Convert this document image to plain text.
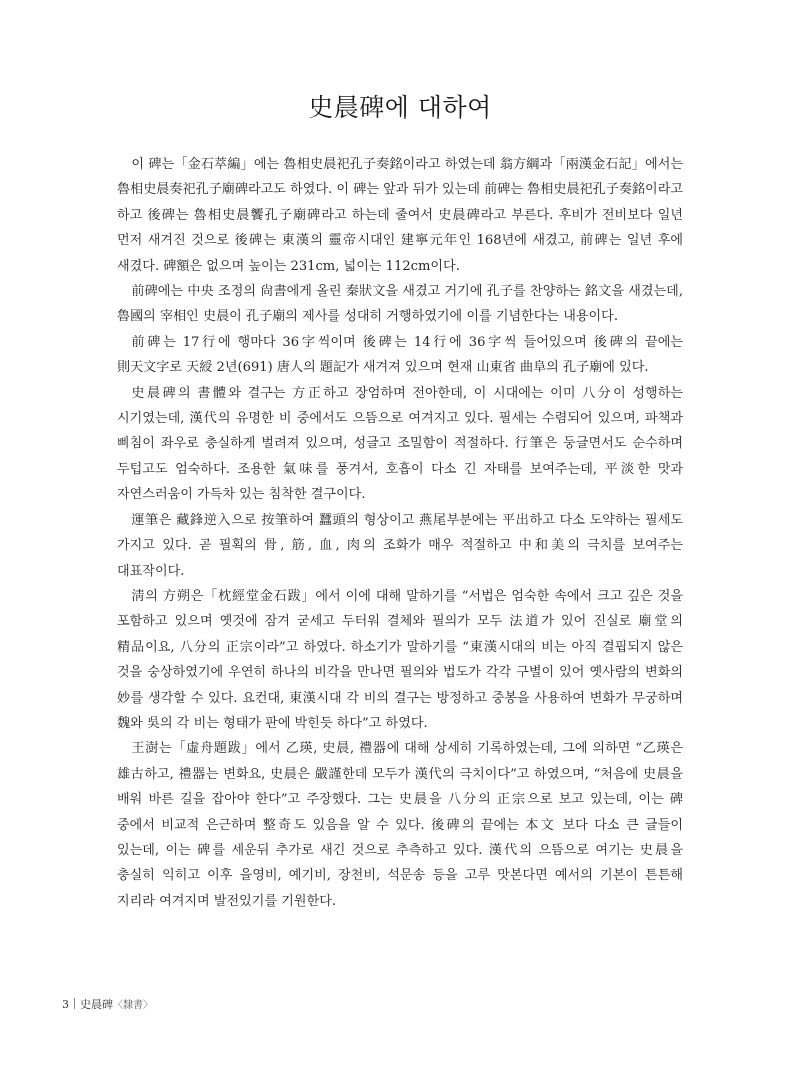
史晨碑에 대하여

이 碑는「金石萃編」에는 魯相史晨祀孔子奏銘이라고 하였는데 翁方綱과「兩漢金石記」에서는 魯相史晨奏祀孔子廟碑라고도 하였다. 이 碑는 앞과 뒤가 있는데 前碑는 魯相史晨祀孔子奏銘이라고 하고 後碑는 魯相史晨饗孔子廟碑라고 하는데 줄여서 史晨碑라고 부른다. 후비가 전비보다 일년 먼저 새겨진 것으로 後碑는 東漢의 靈帝시대인 建寧元年인 168년에 새겼고, 前碑는 일년 후에 새겼다. 碑額은 없으며 높이는 231cm, 넓이는 112cm이다.

前碑에는 中央 조정의 尙書에게 올린 秦狀文을 새겼고 거기에 孔子를 찬양하는 銘文을 새겼는데, 魯國의 宰相인 史晨이 孔子廟의 제사를 성대히 거행하였기에 이를 기념한다는 내용이다.

前碑는 17行에 행마다 36字씩이며 後碑는 14行에 36字씩 들어있으며 後碑의 끝에는 則天文字로 天綬 2년(691) 唐人의 題記가 새겨져 있으며 현재 山東省 曲阜의 孔子廟에 있다.

史晨碑의 書體와 결구는 方正하고 장엄하며 전아한데, 이 시대에는 이미 八分이 성행하는 시기였는데, 漢代의 유명한 비 중에서도 으뜸으로 여겨지고 있다. 필세는 수렴되어 있으며, 파책과 삐침이 좌우로 충실하게 벌려져 있으며, 성글고 조밀함이 적절하다. 行筆은 둥글면서도 순수하며 두텁고도 엄숙하다. 조용한 氣味를 풍겨서, 호흡이 다소 긴 자태를 보여주는데, 平淡한 맛과 자연스러움이 가득차 있는 침착한 결구이다.

運筆은 藏鋒逆入으로 按筆하여 蠶頭의 형상이고 燕尾부분에는 平出하고 다소 도약하는 필세도 가지고 있다. 곧 필획의 骨, 筋, 血, 肉의 조화가 매우 적절하고 中和美의 극치를 보여주는 대표작이다.

淸의 方朔은「枕經堂金石跋」에서 이에 대해 말하기를 “서법은 엄숙한 속에서 크고 깊은 것을 포함하고 있으며 옛것에 잠겨 굳세고 두터워 결체와 필의가 모두 法道가 있어 진실로 廟堂의 精品이요, 八分의 正宗이라”고 하였다. 하소기가 말하기를 “東漢시대의 비는 아직 결핍되지 않은 것을 숭상하였기에 우연히 하나의 비각을 만나면 필의와 법도가 각각 구별이 있어 옛사람의 변화의 妙를 생각할 수 있다. 요컨대, 東漢시대 각 비의 결구는 방정하고 중봉을 사용하여 변화가 무궁하며 魏와 吳의 각 비는 형태가 판에 박힌듯 하다”고 하였다.

王澍는「虛舟題跋」에서 乙瑛, 史晨, 禮器에 대해 상세히 기록하였는데, 그에 의하면 “乙瑛은 雄古하고, 禮器는 변화요, 史晨은 嚴謹한데 모두가 漢代의 극치이다”고 하였으며, “처음에 史晨을 배워 바른 길을 잡아야 한다”고 주장했다. 그는 史晨을 八分의 正宗으로 보고 있는데, 이는 碑 중에서 비교적 은근하며 整奇도 있음을 알 수 있다. 後碑의 끝에는 本文 보다 다소 큰 글들이 있는데, 이는 碑를 세운뒤 추가로 새긴 것으로 추측하고 있다. 漢代의 으뜸으로 여기는 史晨을 충실히 익히고 이후 을영비, 예기비, 장천비, 석문송 등을 고루 맛본다면 예서의 기본이 튼튼해 지리라 여겨지며 발전있기를 기원한다.

3 史晨碑〈隸書〉
